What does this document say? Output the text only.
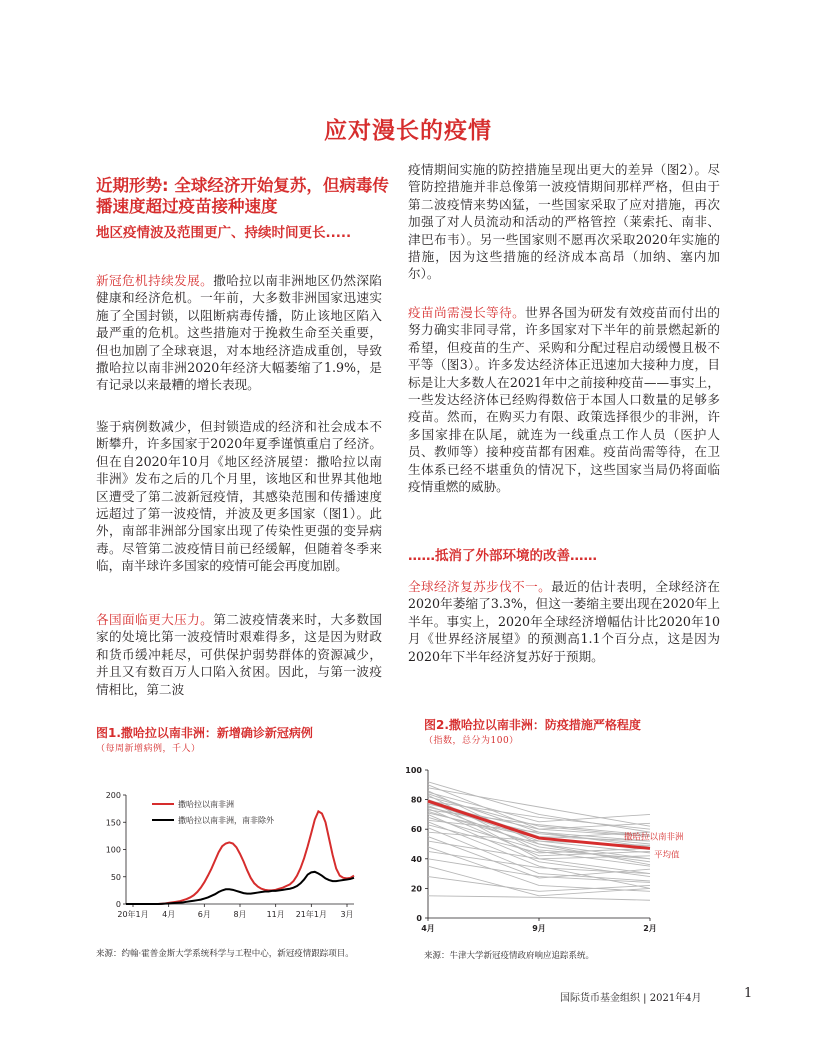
应对漫长的疫情
近期形势: 全球经济开始复苏，但病毒传播速度超过疫苗接种速度
地区疫情波及范围更广、持续时间更长.....

新冠危机持续发展。撒哈拉以南非洲地区仍然深陷健康和经济危机。一年前，大多数非洲国家迅速实施了全国封锁，以阻断病毒传播，防止该地区陷入最严重的危机。这些措施对于挽救生命至关重要，但也加剧了全球衰退，对本地经济造成重创，导致撒哈拉以南非洲2020年经济大幅萎缩了1.9%，是有记录以来最糟的增长表现。

鉴于病例数减少，但封锁造成的经济和社会成本不断攀升，许多国家于2020年夏季谨慎重启了经济。但在自2020年10月《地区经济展望：撒哈拉以南非洲》发布之后的几个月里，该地区和世界其他地区遭受了第二波新冠疫情，其感染范围和传播速度远超过了第一波疫情，并波及更多国家（图1）。此外，南部非洲部分国家出现了传染性更强的变异病毒。尽管第二波疫情目前已经缓解，但随着冬季来临，南半球许多国家的疫情可能会再度加剧。

各国面临更大压力。第二波疫情袭来时，大多数国家的处境比第一波疫情时艰难得多，这是因为财政和货币缓冲耗尽，可供保护弱势群体的资源减少，并且又有数百万人口陷入贫困。因此，与第一波疫情相比，第二波

疫情期间实施的防控措施呈现出更大的差异（图2）。尽管防控措施并非总像第一波疫情期间那样严格，但由于第二波疫情来势凶猛，一些国家采取了应对措施，再次加强了对人员流动和活动的严格管控（莱索托、南非、津巴布韦）。另一些国家则不愿再次采取2020年实施的措施，因为这些措施的经济成本高昂（加纳、塞内加尔）。

疫苗尚需漫长等待。世界各国为研发有效疫苗而付出的努力确实非同寻常，许多国家对下半年的前景燃起新的希望，但疫苗的生产、采购和分配过程启动缓慢且极不平等（图3）。许多发达经济体正迅速加大接种力度，目标是让大多数人在2021年中之前接种疫苗——事实上，一些发达经济体已经购得数倍于本国人口数量的足够多疫苗。然而，在购买力有限、政策选择很少的非洲，许多国家排在队尾，就连为一线重点工作人员（医护人员、教师等）接种疫苗都有困难。疫苗尚需等待，在卫生体系已经不堪重负的情况下，这些国家当局仍将面临疫情重燃的威胁。

……抵消了外部环境的改善……

全球经济复苏步伐不一。最近的估计表明，全球经济在2020年萎缩了3.3%，但这一萎缩主要出现在2020年上半年。事实上，2020年全球经济增幅估计比2020年10月《世界经济展望》的预测高1.1个百分点，这是因为2020年下半年经济复苏好于预期。

图1.撒哈拉以南非洲：新增确诊新冠病例
（每周新增病例，千人）
0
50
100
150
200
20年1月 4月	6月	8月	11月 21年1月 3月
撒哈拉以南非洲
撒哈拉以南非洲，南非除外
来源：约翰·霍普金斯大学系统科学与工程中心，新冠疫情跟踪项目。
图2.撒哈拉以南非洲：防疫措施严格程度
（指数，总分为100）
0
20
40
60
80
100
4月	9月	2月
撒哈拉以南非洲
平均值
来源：牛津大学新冠疫情政府响应追踪系统。
国际货币基金组织 | 2021年4月	1
